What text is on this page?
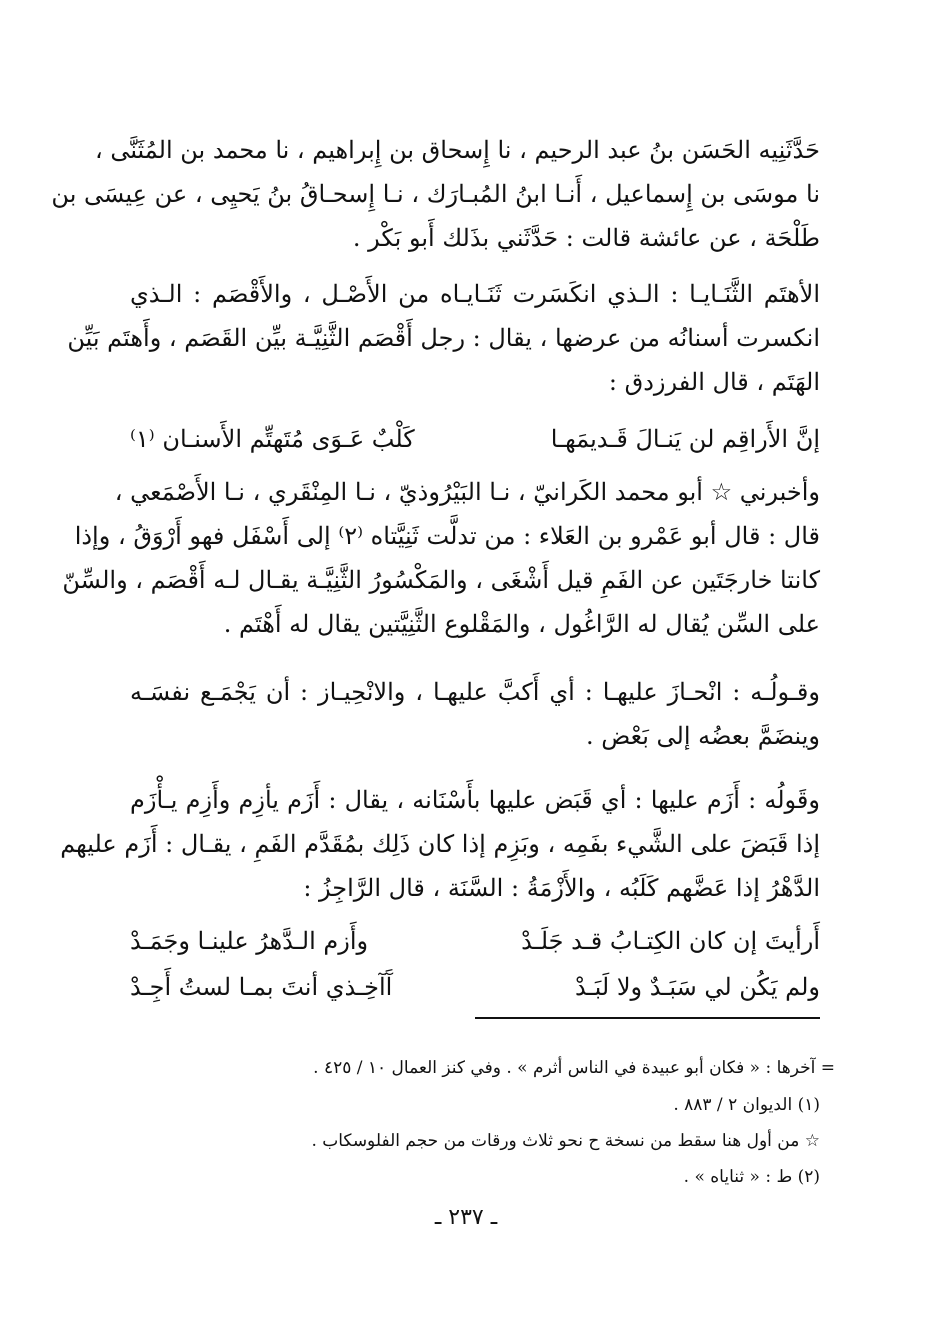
حَدَّثَنِيه الحَسَن بنُ عبد الرحيم ، نا إِسحاق بن إِبراهيم ، نا محمد بن المُثَنَّى ،
نا موسَى بن إِسماعيل ، أَنـا ابنُ المُبـارَك ، نـا إِسحـاقُ بنُ يَحيِى ، عن عِيسَى بن
طَلْحَة ، عن عائشة قالت : حَدَّثَني بذَلك أَبو بَكْر .
الأهتَم الثَّنَـايـا : الـذي انكَسَرت ثَنَـايـاه من الأَصْـل ، والأَقْصَم : الـذي
انكسرت أسنانُه من عرضها ، يقال : رجل أَقْصَم الثَّنِيَّـة بيِّن القَصَم ، وأَهتَم بَيِّن
الهَتَم ، قال الفرزدق :
إنَّ الأَراقِم لن يَنـالَ قَـديمَهـا
كَلْبٌ عَـوَى مُتَهتِّم الأَسنـان ⁽١⁾
وأخبرني ☆ أبو محمد الكَرانيّ ، نـا البَيْرُوذيّ ، نـا المِنْقَري ، نـا الأَصْمَعي ،
قال : قال أبو عَمْرو بن العَلاء : من تدلَّت ثَنِيَّتاه ⁽٢⁾ إلى أَسْفَل فهو أَرْوَقُ ، وإذا
كانتا خارجَتَين عن الفَمِ قيل أَشْغَى ، والمَكْسُورُ الثَّنِيَّـة يقـال لـه أَقْصَم ، والسِّنّ
على السِّن يُقال له الرَّاغُول ، والمَقْلوع الثَّنِيَّتين يقال له أَهْتَم .
وقـولُـه : انْحـازَ عليهـا : أي أَكبَّ عليهـا ، والانْحِيـاز : أن يَجْمَـع نفسَـه
وينضَمَّ بعضُه إلى بَعْض .
وقَولُه : أَزَم عليها : أي قَبَض عليها بأَسْنَانه ، يقال : أَزَم يأزِم وأَزِم يـأْزَم
إذا قَبَضَ على الشَّيء بفَمِه ، وبَزِم إذا كان ذَلِك بمُقَدَّم الفَمِ ، يقـال : أَزَم عليهم
الدَّهْرُ إذا عَضَّهم كَلَبُه ، والأَزْمَةُ : السَّنَة ، قال الرَّاجِزُ :
أَرأيتَ إن كان الكِتـابُ قـد جَلَـدْ
وأَزم الـدَّهرُ علينـا وجَمَـدْ
ولم يَكُن لي سَبَـدٌ ولا لَبَـدْ
آَآخِـذي أنتَ بمـا لستُ أَجِـدْ
= آخرها : « فكان أبو عبيدة في الناس أثرم » . وفي كنز العمال ١٠ / ٤٢٥ .
(١) الديوان ٢ / ٨٨٣ .
☆ من أول هنا سقط من نسخة ح نحو ثلاث ورقات من حجم الفلوسكاب .
(٢) ط : « ثناياه » .
ـ ٢٣٧ ـ
